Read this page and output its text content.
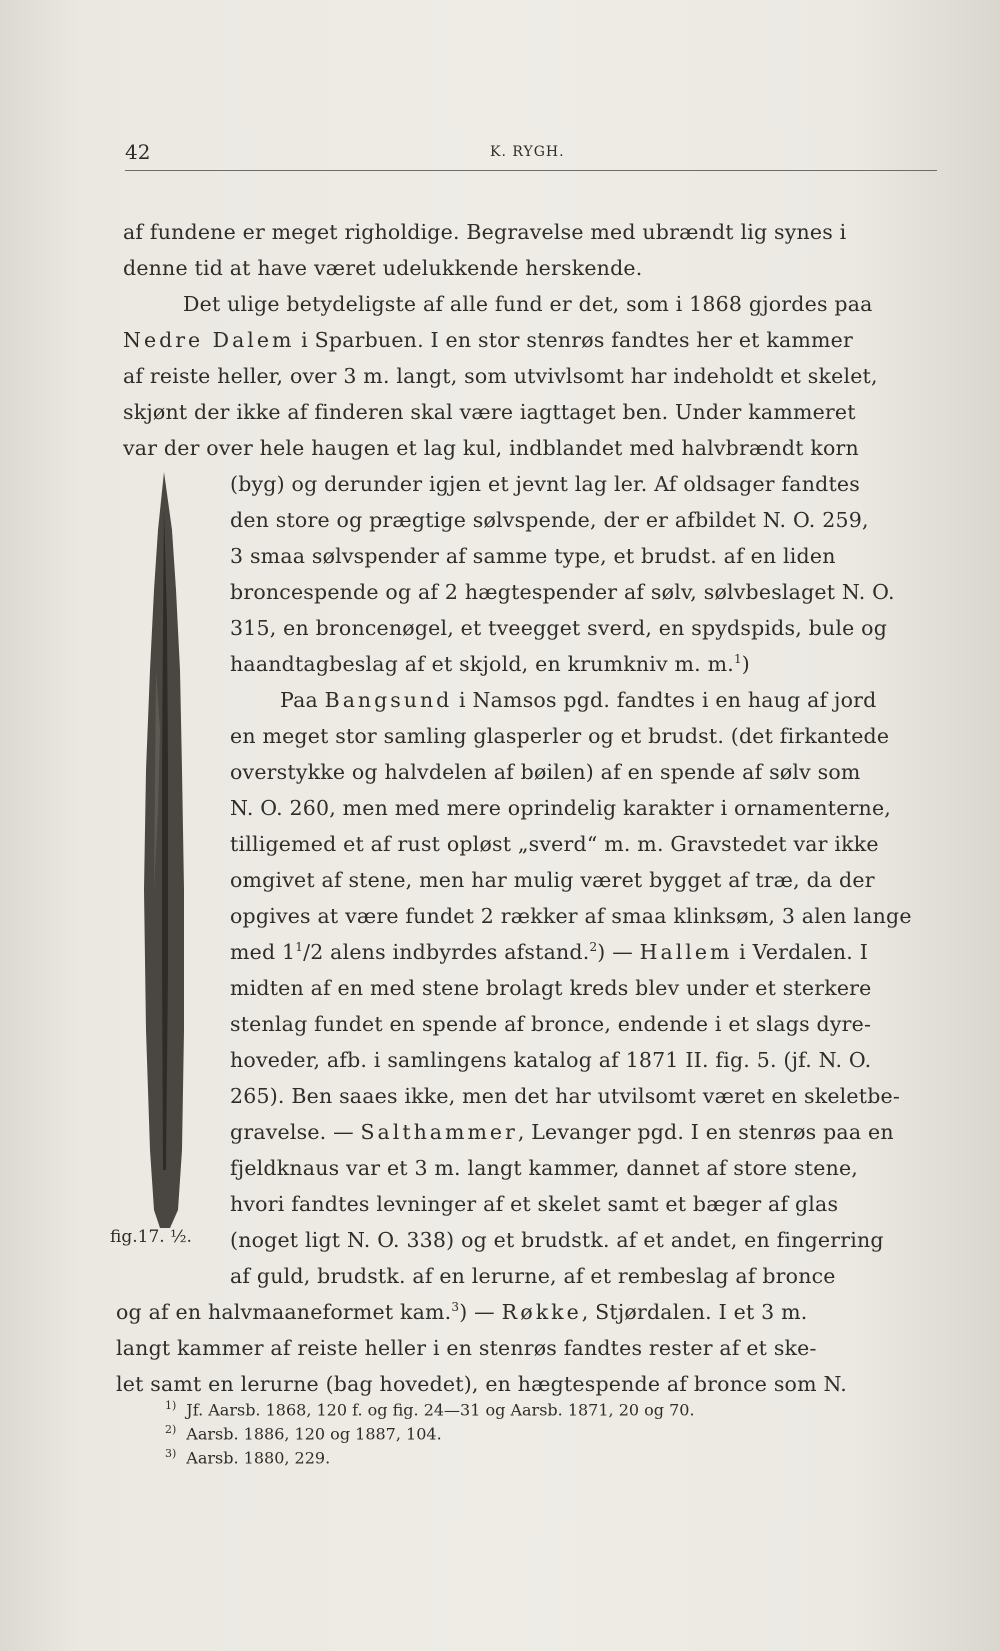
42	K. RYGH.
af fundene er meget righoldige. Begravelse med ubrændt lig synes i
denne tid at have været udelukkende herskende.
Det ulige betydeligste af alle fund er det, som i 1868 gjordes paa
Nedre Dalem i Sparbuen. I en stor stenrøs fandtes her et kammer
af reiste heller, over 3 m. langt, som utvivlsomt har indeholdt et skelet,
skjønt der ikke af finderen skal være iagttaget ben. Under kammeret
var der over hele haugen et lag kul, indblandet med halvbrændt korn
(byg) og derunder igjen et jevnt lag ler. Af oldsager fandtes
den store og prægtige sølvspende, der er afbildet N. O. 259,
3 smaa sølvspender af samme type, et brudst. af en liden
broncespende og af 2 hægtespender af sølv, sølvbeslaget N. O.
315, en broncenøgel, et tveegget sverd, en spydspids, bule og
haandtagbeslag af et skjold, en krumkniv m. m.$^1$)
Paa Bangsund i Namsos pgd. fandtes i en haug af jord
en meget stor samling glasperler og et brudst. (det firkantede
overstykke og halvdelen af bøilen) af en spende af sølv som
N. O. 260, men med mere oprindelig karakter i ornamenterne,
tilligemed et af rust opløst „sverd“ m. m. Gravstedet var ikke
omgivet af stene, men har mulig været bygget af træ, da der
opgives at være fundet 2 rækker af smaa klinksøm, 3 alen lange
med $1^1/2$ alens indbyrdes afstand.$^2$) — Hallem i Verdalen. I
midten af en med stene brolagt kreds blev under et sterkere
stenlag fundet en spende af bronce, endende i et slags dyre-
hoveder, afb. i samlingens katalog af 1871 II. fig. 5. (jf. N. O.
265). Ben saaes ikke, men det har utvilsomt været en skeletbe-
gravelse. — Salthammer, Levanger pgd. I en stenrøs paa en
fjeldknaus var et 3 m. langt kammer, dannet af store stene,
hvori fandtes levninger af et skelet samt et bæger af glas
(noget ligt N. O. 338) og et brudstk. af et andet, en fingerring
af guld, brudstk. af en lerurne, af et rembeslag af bronce
og af en halvmaaneformet kam.$^3$) — Røkke, Stjørdalen. I et 3 m.
langt kammer af reiste heller i en stenrøs fandtes rester af et ske-
let samt en lerurne (bag hovedet), en hægtespende af bronce som N.
fig.17. ½.
$^{1)}$ Jf. Aarsb. 1868, 120 f. og fig. 24—31 og Aarsb. 1871, 20 og 70.
$^{2)}$ Aarsb. 1886, 120 og 1887, 104.
$^{3)}$ Aarsb. 1880, 229.
